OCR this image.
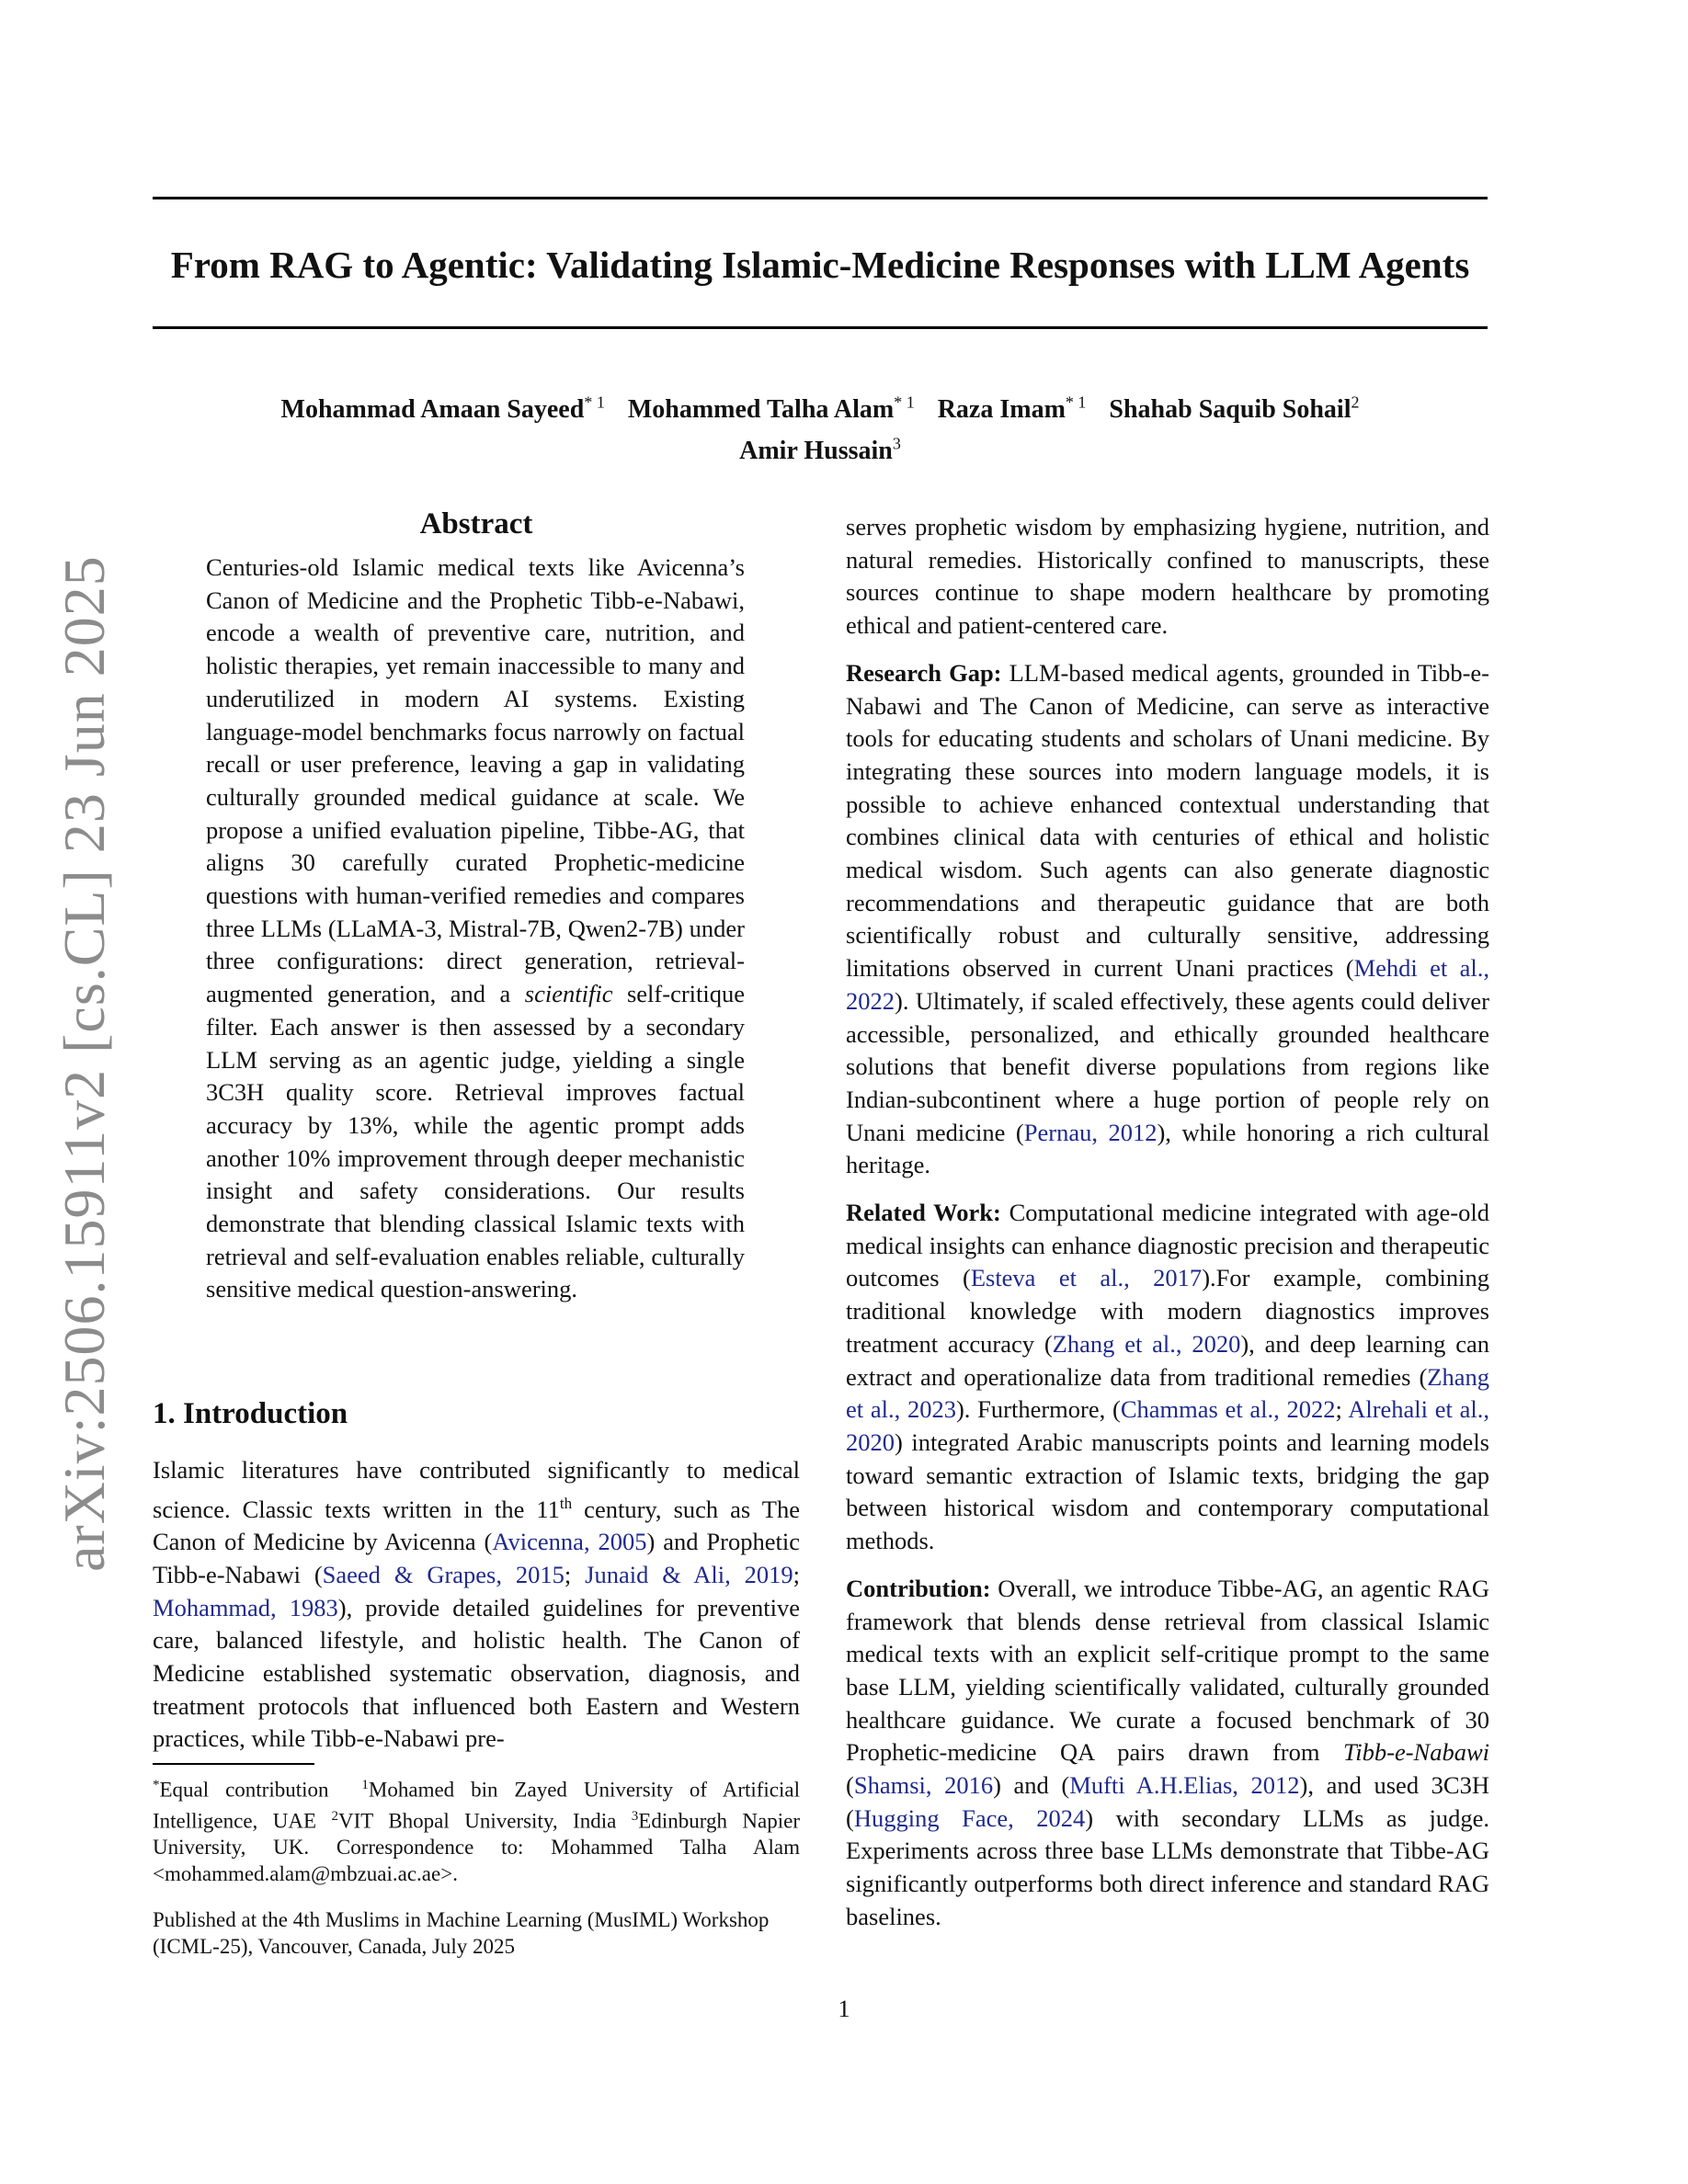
arXiv:2506.15911v2 [cs.CL] 23 Jun 2025
From RAG to Agentic: Validating Islamic-Medicine Responses with LLM Agents
Mohammad Amaan Sayeed$^{* 1}$ Mohammed Talha Alam$^{* 1}$ Raza Imam$^{* 1}$ Shahab Saquib Sohail$^2$
Amir Hussain$^3$
Abstract
Centuries-old Islamic medical texts like Avicenna’s Canon of Medicine and the Prophetic Tibb-e-Nabawi, encode a wealth of preventive care, nutrition, and holistic therapies, yet remain inaccessible to many and underutilized in modern AI systems. Existing language-model benchmarks focus narrowly on factual recall or user preference, leaving a gap in validating culturally grounded medical guidance at scale. We propose a unified evaluation pipeline, Tibbe-AG, that aligns 30 carefully curated Prophetic-medicine questions with human-verified remedies and compares three LLMs (LLaMA-3, Mistral-7B, Qwen2-7B) under three configurations: direct generation, retrieval-augmented generation, and a scientific self-critique filter. Each answer is then assessed by a secondary LLM serving as an agentic judge, yielding a single 3C3H quality score. Retrieval improves factual accuracy by 13%, while the agentic prompt adds another 10% improvement through deeper mechanistic insight and safety considerations. Our results demonstrate that blending classical Islamic texts with retrieval and self-evaluation enables reliable, culturally sensitive medical question-answering.
1. Introduction
Islamic literatures have contributed significantly to medical science. Classic texts written in the 11th century, such as The Canon of Medicine by Avicenna (Avicenna, 2005) and Prophetic Tibb-e-Nabawi (Saeed & Grapes, 2015; Junaid & Ali, 2019; Mohammad, 1983), provide detailed guidelines for preventive care, balanced lifestyle, and holistic health. The Canon of Medicine established systematic observation, diagnosis, and treatment protocols that influenced both Eastern and Western practices, while Tibb-e-Nabawi pre-
*Equal contribution $^1$Mohamed bin Zayed University of Artificial Intelligence, UAE $^2$VIT Bhopal University, India $^3$Edinburgh Napier University, UK. Correspondence to: Mohammed Talha Alam <mohammed.alam@mbzuai.ac.ae>.
Published at the 4th Muslims in Machine Learning (MusIML) Workshop (ICML-25), Vancouver, Canada, July 2025

serves prophetic wisdom by emphasizing hygiene, nutrition, and natural remedies. Historically confined to manuscripts, these sources continue to shape modern healthcare by promoting ethical and patient-centered care.

Research Gap: LLM-based medical agents, grounded in Tibb-e-Nabawi and The Canon of Medicine, can serve as interactive tools for educating students and scholars of Unani medicine. By integrating these sources into modern language models, it is possible to achieve enhanced contextual understanding that combines clinical data with centuries of ethical and holistic medical wisdom. Such agents can also generate diagnostic recommendations and therapeutic guidance that are both scientifically robust and culturally sensitive, addressing limitations observed in current Unani practices (Mehdi et al., 2022). Ultimately, if scaled effectively, these agents could deliver accessible, personalized, and ethically grounded healthcare solutions that benefit diverse populations from regions like Indian-subcontinent where a huge portion of people rely on Unani medicine (Pernau, 2012), while honoring a rich cultural heritage.

Related Work: Computational medicine integrated with age-old medical insights can enhance diagnostic precision and therapeutic outcomes (Esteva et al., 2017).For example, combining traditional knowledge with modern diagnostics improves treatment accuracy (Zhang et al., 2020), and deep learning can extract and operationalize data from traditional remedies (Zhang et al., 2023). Furthermore, (Chammas et al., 2022; Alrehali et al., 2020) integrated Arabic manuscripts points and learning models toward semantic extraction of Islamic texts, bridging the gap between historical wisdom and contemporary computational methods.

Contribution: Overall, we introduce Tibbe-AG, an agentic RAG framework that blends dense retrieval from classical Islamic medical texts with an explicit self-critique prompt to the same base LLM, yielding scientifically validated, culturally grounded healthcare guidance. We curate a focused benchmark of 30 Prophetic-medicine QA pairs drawn from Tibb-e-Nabawi (Shamsi, 2016) and (Mufti A.H.Elias, 2012), and used 3C3H (Hugging Face, 2024) with secondary LLMs as judge. Experiments across three base LLMs demonstrate that Tibbe-AG significantly outperforms both direct inference and standard RAG baselines.

1
